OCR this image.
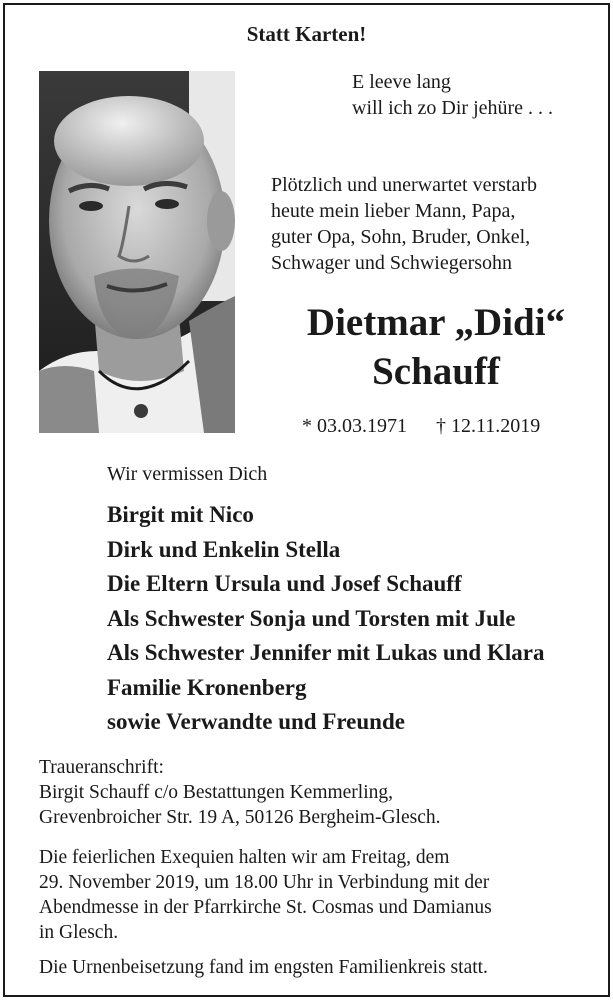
Statt Karten!
E leeve lang
will ich zo Dir jehüre . . .
Plötzlich und unerwartet verstarb
heute mein lieber Mann, Papa,
guter Opa, Sohn, Bruder, Onkel,
Schwager und Schwiegersohn
Dietmar „Didi“
Schauff
* 03.03.1971 † 12.11.2019
Wir vermissen Dich
Birgit mit Nico
Dirk und Enkelin Stella
Die Eltern Ursula und Josef Schauff
Als Schwester Sonja und Torsten mit Jule
Als Schwester Jennifer mit Lukas und Klara
Familie Kronenberg
sowie Verwandte und Freunde
Traueranschrift:
Birgit Schauff c/o Bestattungen Kemmerling,
Grevenbroicher Str. 19 A, 50126 Bergheim-Glesch.
Die feierlichen Exequien halten wir am Freitag, dem
29. November 2019, um 18.00 Uhr in Verbindung mit der
Abendmesse in der Pfarrkirche St. Cosmas und Damianus
in Glesch.
Die Urnenbeisetzung fand im engsten Familienkreis statt.
